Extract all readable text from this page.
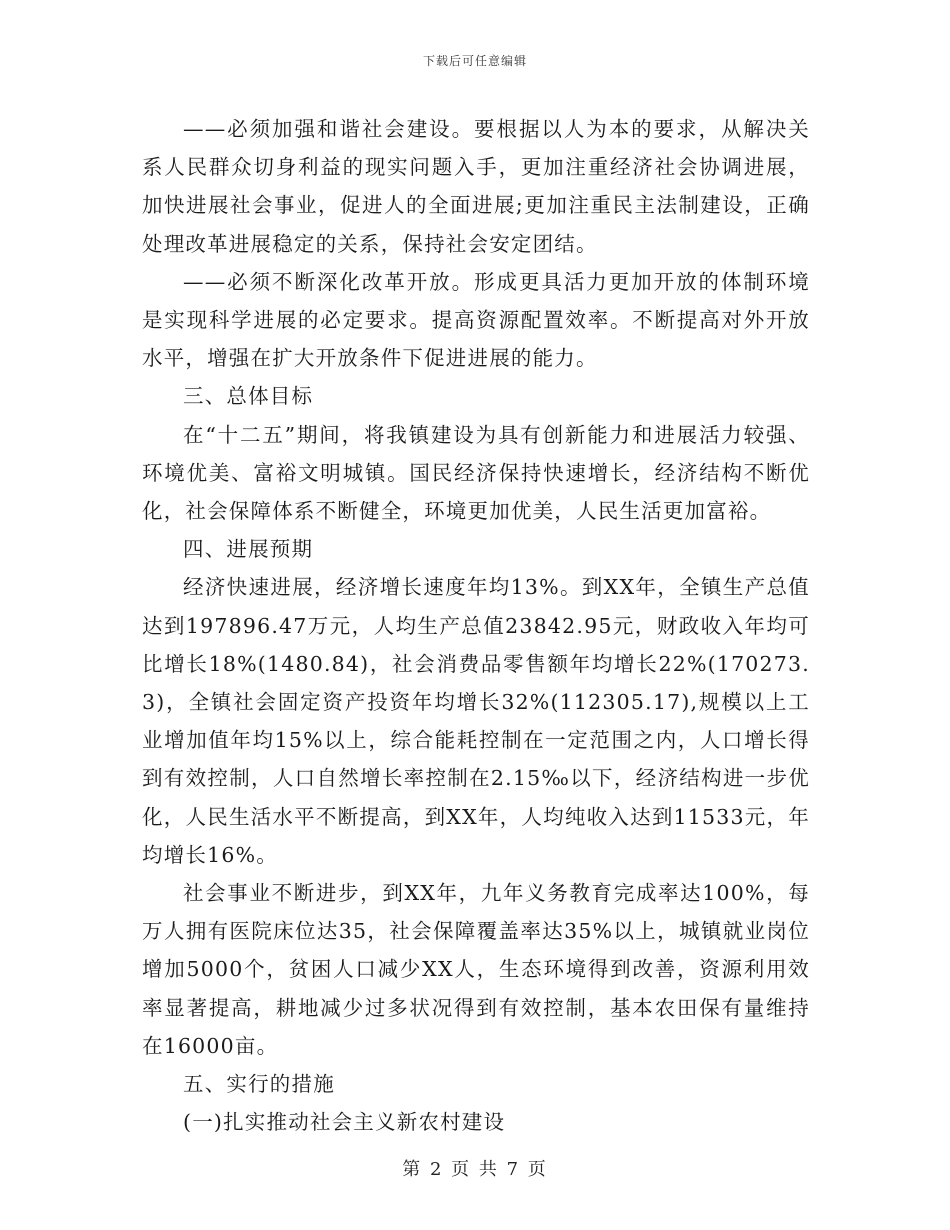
下载后可任意编辑

——必须加强和谐社会建设。要根据以人为本的要求，从解决关系人民群众切身利益的现实问题入手，更加注重经济社会协调进展，加快进展社会事业，促进人的全面进展;更加注重民主法制建设，正确处理改革进展稳定的关系，保持社会安定团结。

——必须不断深化改革开放。形成更具活力更加开放的体制环境是实现科学进展的必定要求。提高资源配置效率。不断提高对外开放水平，增强在扩大开放条件下促进进展的能力。

三、总体目标

在“十二五”期间，将我镇建设为具有创新能力和进展活力较强、环境优美、富裕文明城镇。国民经济保持快速增长，经济结构不断优化，社会保障体系不断健全，环境更加优美，人民生活更加富裕。

四、进展预期

经济快速进展，经济增长速度年均13%。到XX年，全镇生产总值达到197896.47万元，人均生产总值23842.95元，财政收入年均可比增长18%(1480.84)，社会消费品零售额年均增长22%(170273.3)，全镇社会固定资产投资年均增长32%(112305.17),规模以上工业增加值年均15%以上，综合能耗控制在一定范围之内，人口增长得到有效控制，人口自然增长率控制在2.15‰以下，经济结构进一步优化，人民生活水平不断提高，到XX年，人均纯收入达到11533元，年均增长16%。

社会事业不断进步，到XX年，九年义务教育完成率达100%，每万人拥有医院床位达35，社会保障覆盖率达35%以上，城镇就业岗位增加5000个，贫困人口减少XX人，生态环境得到改善，资源利用效率显著提高，耕地减少过多状况得到有效控制，基本农田保有量维持在16000亩。

五、实行的措施

(一)扎实推动社会主义新农村建设

第 2 页 共 7 页
